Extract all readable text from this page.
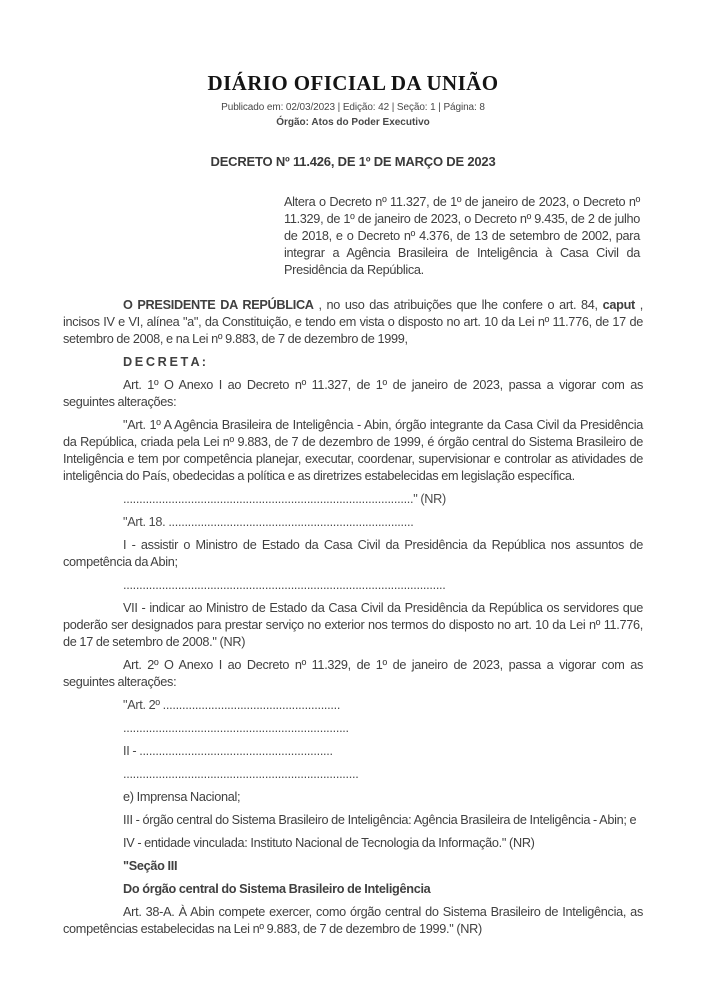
DIÁRIO OFICIAL DA UNIÃO
Publicado em: 02/03/2023 | Edição: 42 | Seção: 1 | Página: 8
Órgão: Atos do Poder Executivo
DECRETO Nº 11.426, DE 1º DE MARÇO DE 2023

Altera o Decreto nº 11.327, de 1º de janeiro de 2023, o Decreto nº 11.329, de 1º de janeiro de 2023, o Decreto nº 9.435, de 2 de julho de 2018, e o Decreto nº 4.376, de 13 de setembro de 2002, para integrar a Agência Brasileira de Inteligência à Casa Civil da Presidência da República.

O PRESIDENTE DA REPÚBLICA , no uso das atribuições que lhe confere o art. 84, caput , incisos IV e VI, alínea "a", da Constituição, e tendo em vista o disposto no art. 10 da Lei nº 11.776, de 17 de setembro de 2008, e na Lei nº 9.883, de 7 de dezembro de 1999,

D E C R E T A :

Art. 1º O Anexo I ao Decreto nº 11.327, de 1º de janeiro de 2023, passa a vigorar com as seguintes alterações:

"Art. 1º A Agência Brasileira de Inteligência - Abin, órgão integrante da Casa Civil da Presidência da República, criada pela Lei nº 9.883, de 7 de dezembro de 1999, é órgão central do Sistema Brasileiro de Inteligência e tem por competência planejar, executar, coordenar, supervisionar e controlar as atividades de inteligência do País, obedecidas a política e as diretrizes estabelecidas em legislação específica.

.........................................................................................." (NR)

"Art. 18. ............................................................................

I - assistir o Ministro de Estado da Casa Civil da Presidência da República nos assuntos de competência da Abin;

....................................................................................................

VII - indicar ao Ministro de Estado da Casa Civil da Presidência da República os servidores que poderão ser designados para prestar serviço no exterior nos termos do disposto no art. 10 da Lei nº 11.776, de 17 de setembro de 2008." (NR)

Art. 2º O Anexo I ao Decreto nº 11.329, de 1º de janeiro de 2023, passa a vigorar com as seguintes alterações:

"Art. 2º .......................................................

......................................................................

II - ............................................................

.........................................................................

e) Imprensa Nacional;

III - órgão central do Sistema Brasileiro de Inteligência: Agência Brasileira de Inteligência - Abin; e

IV - entidade vinculada: Instituto Nacional de Tecnologia da Informação." (NR)

"Seção III

Do órgão central do Sistema Brasileiro de Inteligência

Art. 38-A. À Abin compete exercer, como órgão central do Sistema Brasileiro de Inteligência, as competências estabelecidas na Lei nº 9.883, de 7 de dezembro de 1999." (NR)
